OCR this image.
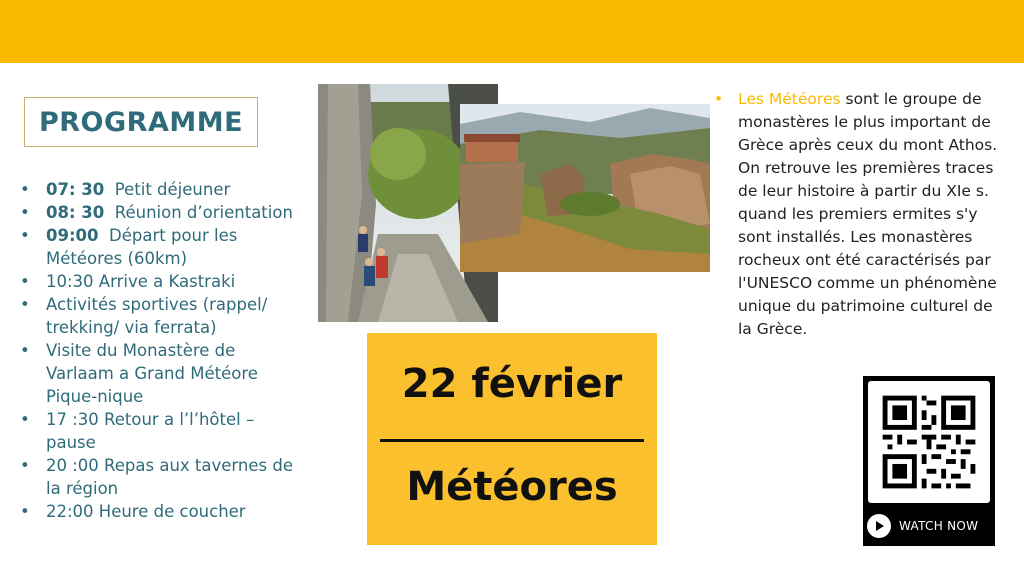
PROGRAMME
• 07: 30 Petit déjeuner
• 08: 30 Réunion d’orientation
• 09:00 Départ pour les Météores (60km)
• 10:30 Arrive a Kastraki
• Activités sportives (rappel/ trekking/ via ferrata)
• Visite du Monastère de Varlaam a Grand Météore Pique-nique
• 17 :30 Retour a l’l’hôtel – pause
• 20 :00 Repas aux tavernes de la région
• 22:00 Heure de coucher
22 février
Météores
• Les Météores sont le groupe de monastères le plus important de Grèce après ceux du mont Athos. On retrouve les premières traces de leur histoire à partir du XIe s. quand les premiers ermites s'y sont installés. Les monastères rocheux ont été caractérisés par l'UNESCO comme un phénomène unique du patrimoine culturel de la Grèce.

WATCH NOW
